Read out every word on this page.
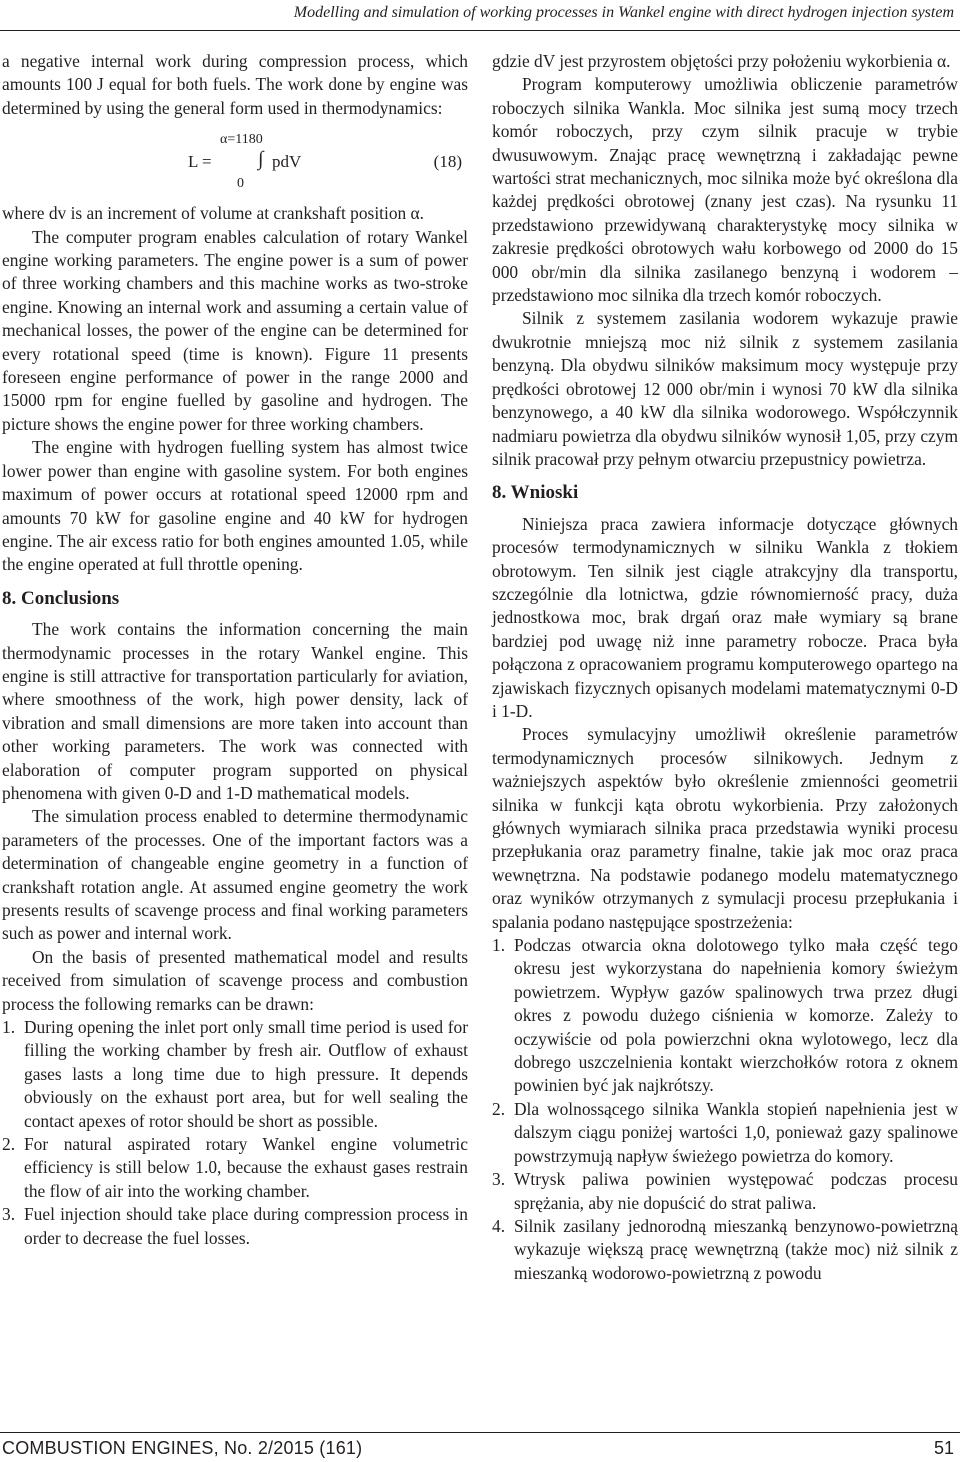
Modelling and simulation of working processes in Wankel engine with direct hydrogen injection system

a negative internal work during compression process, which amounts 100 J equal for both fuels. The work done by engine was determined by using the general form used in thermodynamics:

L =
α=1180
∫ pdV
0
(18)

where dv is an increment of volume at crankshaft position α.

The computer program enables calculation of rotary Wankel engine working parameters. The engine power is a sum of power of three working chambers and this machine works as two-stroke engine. Knowing an internal work and assuming a certain value of mechanical losses, the power of the engine can be determined for every rotational speed (time is known). Figure 11 presents foreseen engine performance of power in the range 2000 and 15000 rpm for engine fuelled by gasoline and hydrogen. The picture shows the engine power for three working chambers.

The engine with hydrogen fuelling system has almost twice lower power than engine with gasoline system. For both engines maximum of power occurs at rotational speed 12000 rpm and amounts 70 kW for gasoline engine and 40 kW for hydrogen engine. The air excess ratio for both engines amounted 1.05, while the engine operated at full throttle opening.

8. Conclusions

The work contains the information concerning the main thermodynamic processes in the rotary Wankel engine. This engine is still attractive for transportation particularly for aviation, where smoothness of the work, high power density, lack of vibration and small dimensions are more taken into account than other working parameters. The work was connected with elaboration of computer program supported on physical phenomena with given 0-D and 1-D mathematical models.

The simulation process enabled to determine thermodynamic parameters of the processes. One of the important factors was a determination of changeable engine geometry in a function of crankshaft rotation angle. At assumed engine geometry the work presents results of scavenge process and final working parameters such as power and internal work.

On the basis of presented mathematical model and results received from simulation of scavenge process and combustion process the following remarks can be drawn:

1. During opening the inlet port only small time period is used for filling the working chamber by fresh air. Outflow of exhaust gases lasts a long time due to high pressure. It depends obviously on the exhaust port area, but for well sealing the contact apexes of rotor should be short as possible.
2. For natural aspirated rotary Wankel engine volumetric efficiency is still below 1.0, because the exhaust gases restrain the flow of air into the working chamber.
3. Fuel injection should take place during compression process in order to decrease the fuel losses.

gdzie dV jest przyrostem objętości przy położeniu wykorbienia α.

Program komputerowy umożliwia obliczenie parametrów roboczych silnika Wankla. Moc silnika jest sumą mocy trzech komór roboczych, przy czym silnik pracuje w trybie dwusuwowym. Znając pracę wewnętrzną i zakładając pewne wartości strat mechanicznych, moc silnika może być określona dla każdej prędkości obrotowej (znany jest czas). Na rysunku 11 przedstawiono przewidywaną charakterystykę mocy silnika w zakresie prędkości obrotowych wału korbowego od 2000 do 15 000 obr/min dla silnika zasilanego benzyną i wodorem – przedstawiono moc silnika dla trzech komór roboczych.

Silnik z systemem zasilania wodorem wykazuje prawie dwukrotnie mniejszą moc niż silnik z systemem zasilania benzyną. Dla obydwu silników maksimum mocy występuje przy prędkości obrotowej 12 000 obr/min i wynosi 70 kW dla silnika benzynowego, a 40 kW dla silnika wodorowego. Współczynnik nadmiaru powietrza dla obydwu silników wynosił 1,05, przy czym silnik pracował przy pełnym otwarciu przepustnicy powietrza.

8. Wnioski

Niniejsza praca zawiera informacje dotyczące głównych procesów termodynamicznych w silniku Wankla z tłokiem obrotowym. Ten silnik jest ciągle atrakcyjny dla transportu, szczególnie dla lotnictwa, gdzie równomierność pracy, duża jednostkowa moc, brak drgań oraz małe wymiary są brane bardziej pod uwagę niż inne parametry robocze. Praca była połączona z opracowaniem programu komputerowego opartego na zjawiskach fizycznych opisanych modelami matematycznymi 0-D i 1-D.

Proces symulacyjny umożliwił określenie parametrów termodynamicznych procesów silnikowych. Jednym z ważniejszych aspektów było określenie zmienności geometrii silnika w funkcji kąta obrotu wykorbienia. Przy założonych głównych wymiarach silnika praca przedstawia wyniki procesu przepłukania oraz parametry finalne, takie jak moc oraz praca wewnętrzna. Na podstawie podanego modelu matematycznego oraz wyników otrzymanych z symulacji procesu przepłukania i spalania podano następujące spostrzeżenia:

1. Podczas otwarcia okna dolotowego tylko mała część tego okresu jest wykorzystana do napełnienia komory świeżym powietrzem. Wypływ gazów spalinowych trwa przez długi okres z powodu dużego ciśnienia w komorze. Zależy to oczywiście od pola powierzchni okna wylotowego, lecz dla dobrego uszczelnienia kontakt wierzchołków rotora z oknem powinien być jak najkrótszy.
2. Dla wolnossącego silnika Wankla stopień napełnienia jest w dalszym ciągu poniżej wartości 1,0, ponieważ gazy spalinowe powstrzymują napływ świeżego powietrza do komory.
3. Wtrysk paliwa powinien występować podczas procesu sprężania, aby nie dopuścić do strat paliwa.
4. Silnik zasilany jednorodną mieszanką benzynowo-powietrzną wykazuje większą pracę wewnętrzną (także moc) niż silnik z mieszanką wodorowo-powietrzną z powodu
COMBUSTION ENGINES, No. 2/2015 (161)	51
